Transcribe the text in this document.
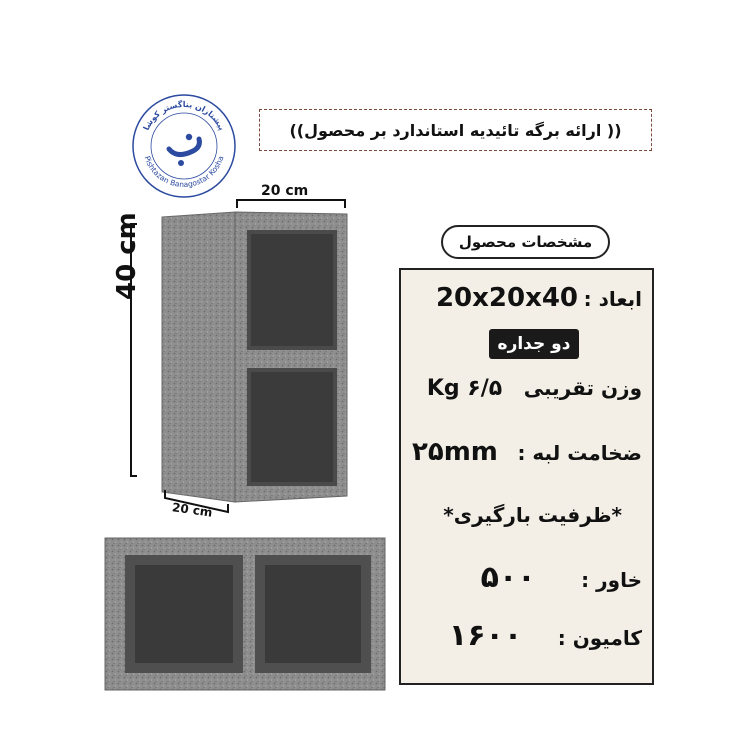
پیشتازان بناگستر کوشا
Pishtazan Banagostar Kosha
(( ارائه برگه تائیدیه استاندارد بر محصول))
20 cm
40 cm
20 cm
مشخصات محصول
ابعاد : 20x20x40
دو جداره
وزن تقریبی ۶/۵ Kg
ضخامت لبه : ۲۵mm
*ظرفیت بارگیری*
خاور : ۵۰۰
کامیون : ۱۶۰۰
